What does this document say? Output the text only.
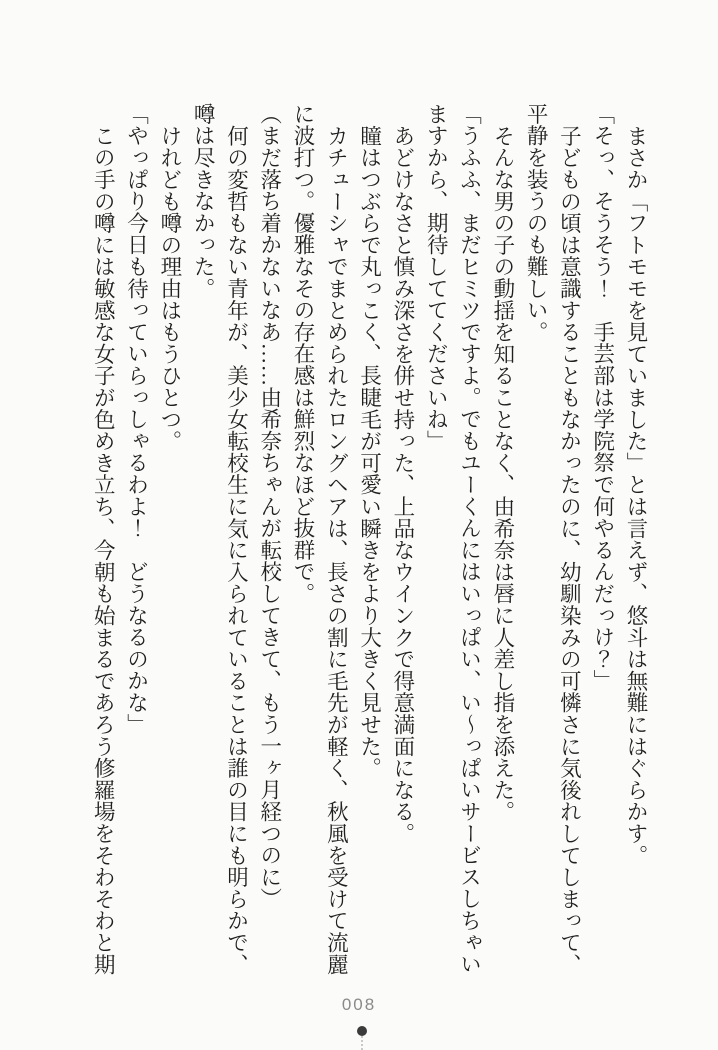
まさか「フトモモを見ていました」とは言えず、悠斗は無難にはぐらかす。

「そっ、そうそう！　手芸部は学院祭で何やるんだっけ？」

子どもの頃は意識することもなかったのに、幼馴染みの可憐さに気後れしてしまって、

平静を装うのも難しい。

そんな男の子の動揺を知ることなく、由希奈は唇に人差し指を添えた。

「うふふ、まだヒミツですよ。でもユーくんにはいっぱい、い〜っぱいサービスしちゃい

ますから、期待しててくださいね」

あどけなさと慎み深さを併せ持った、上品なウインクで得意満面になる。

瞳はつぶらで丸っこく、長睫毛が可愛い瞬きをより大きく見せた。

カチューシャでまとめられたロングヘアは、長さの割に毛先が軽く、秋風を受けて流麗

に波打つ。優雅なその存在感は鮮烈なほど抜群で。

（まだ落ち着かないなあ……由希奈ちゃんが転校してきて、もう一ヶ月経つのに）

何の変哲もない青年が、美少女転校生に気に入られていることは誰の目にも明らかで、

噂は尽きなかった。

けれども噂の理由はもうひとつ。

「やっぱり今日も待っていらっしゃるわよ！　どうなるのかな」

この手の噂には敏感な女子が色めき立ち、今朝も始まるであろう修羅場をそわそわと期

008
